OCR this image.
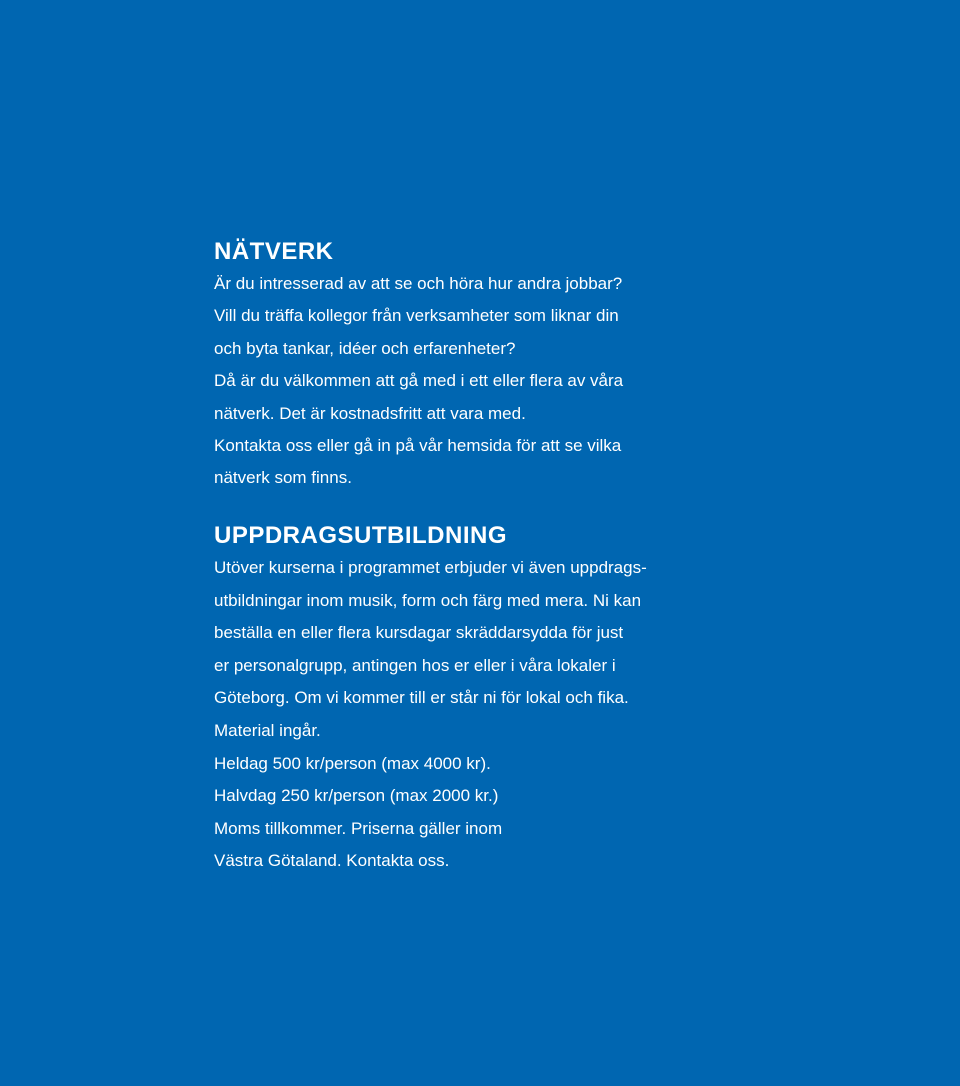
NÄTVERK

Är du intresserad av att se och höra hur andra jobbar?
Vill du träffa kollegor från verksamheter som liknar din
och byta tankar, idéer och erfarenheter?
Då är du välkommen att gå med i ett eller flera av våra
nätverk. Det är kostnadsfritt att vara med.
Kontakta oss eller gå in på vår hemsida för att se vilka
nätverk som finns.

UPPDRAGSUTBILDNING

Utöver kurserna i programmet erbjuder vi även uppdrags-
utbildningar inom musik, form och färg med mera. Ni kan
beställa en eller flera kursdagar skräddarsydda för just
er personalgrupp, antingen hos er eller i våra lokaler i
Göteborg. Om vi kommer till er står ni för lokal och fika.
Material ingår.
Heldag 500 kr/person (max 4000 kr).
Halvdag 250 kr/person (max 2000 kr.)
Moms tillkommer. Priserna gäller inom
Västra Götaland. Kontakta oss.
